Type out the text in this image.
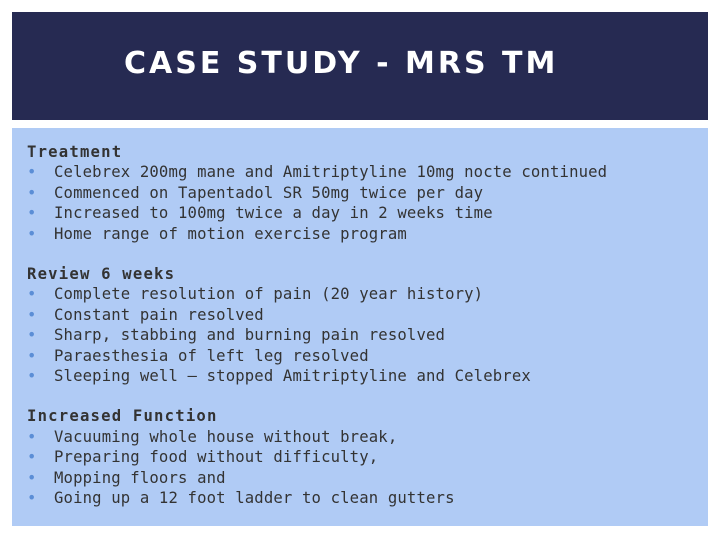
CASE STUDY - MRS TM
Treatment
•	Celebrex 200mg mane and Amitriptyline 10mg nocte continued
•	Commenced on Tapentadol SR 50mg twice per day
•	Increased to 100mg twice a day in 2 weeks time
•	Home range of motion exercise program
Review 6 weeks
•	Complete resolution of pain (20 year history)
•	Constant pain resolved
•	Sharp, stabbing and burning pain resolved
•	Paraesthesia of left leg resolved
•	Sleeping well – stopped Amitriptyline and Celebrex
Increased Function
•	Vacuuming whole house without break,
•	Preparing food without difficulty,
•	Mopping floors and
•	Going up a 12 foot ladder to clean gutters
